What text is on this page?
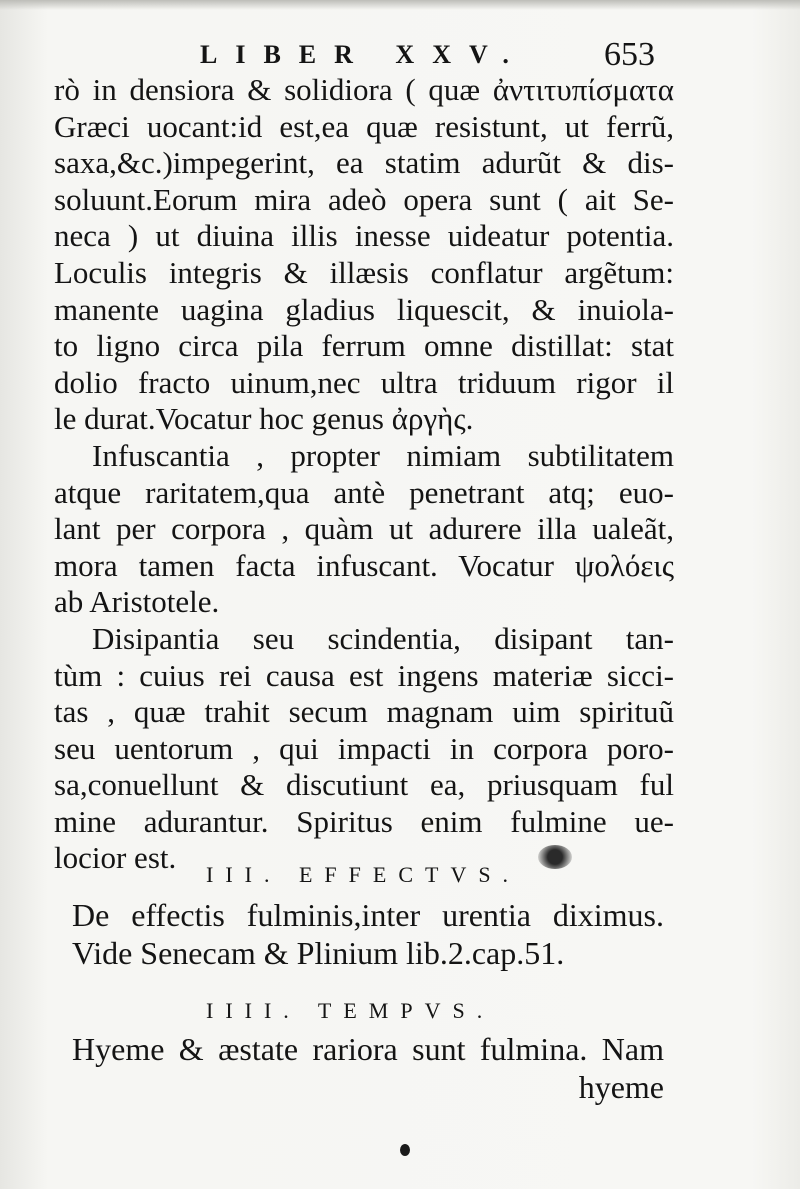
LIBER XXV. 653
rò in densiora & solidiora ( quæ ἀντιτυπίσματα
Græci uocant:id est,ea quæ resistunt, ut ferrũ,
saxa,&c.)impegerint, ea statim adurũt & dis-
soluunt.Eorum mira adeò opera sunt ( ait Se-
neca ) ut diuina illis inesse uideatur potentia.
Loculis integris & illæsis conflatur argẽtum:
manente uagina gladius liquescit, & inuiola-
to ligno circa pila ferrum omne distillat: stat
dolio fracto uinum,nec ultra triduum rigor il
le durat.Vocatur hoc genus ἀργὴς.
Infuscantia , propter nimiam subtilitatem
atque raritatem,qua antè penetrant atq; euo-
lant per corpora , quàm ut adurere illa ualeãt,
mora tamen facta infuscant. Vocatur ψολόεις
ab Aristotele.
Disipantia seu scindentia, disipant tan-
tùm : cuius rei causa est ingens materiæ sicci-
tas , quæ trahit secum magnam uim spirituũ
seu uentorum , qui impacti in corpora poro-
sa,conuellunt & discutiunt ea, priusquam ful
mine adurantur. Spiritus enim fulmine ue-
locior est.	III. EFFECTVS.
De effectis fulminis,inter urentia diximus.
Vide Senecam & Plinium lib.2.cap.51.
IIII. TEMPVS.
Hyeme & æstate rariora sunt fulmina. Nam
hyeme
